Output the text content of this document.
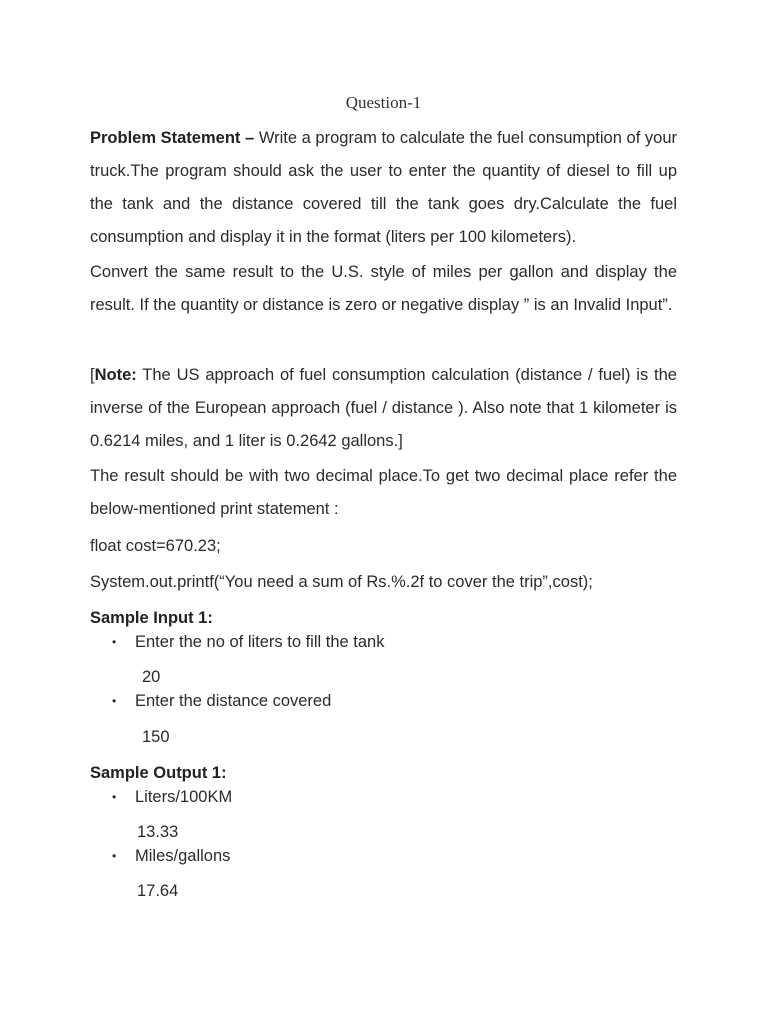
Question-1

Problem Statement – Write a program to calculate the fuel consumption of your truck.The program should ask the user to enter the quantity of diesel to fill up the tank and the distance covered till the tank goes dry.Calculate the fuel consumption and display it in the format (liters per 100 kilometers).

Convert the same result to the U.S. style of miles per gallon and display the result. If the quantity or distance is zero or negative display ” is an Invalid Input”.

[Note: The US approach of fuel consumption calculation (distance / fuel) is the inverse of the European approach (fuel / distance ). Also note that 1 kilometer is 0.6214 miles, and 1 liter is 0.2642 gallons.]

The result should be with two decimal place.To get two decimal place refer the below-mentioned print statement :

float cost=670.23;
System.out.printf(“You need a sum of Rs.%.2f to cover the trip”,cost);
Sample Input 1:
• Enter the no of liters to fill the tank
20
• Enter the distance covered
150
Sample Output 1:
• Liters/100KM
13.33
• Miles/gallons
17.64
